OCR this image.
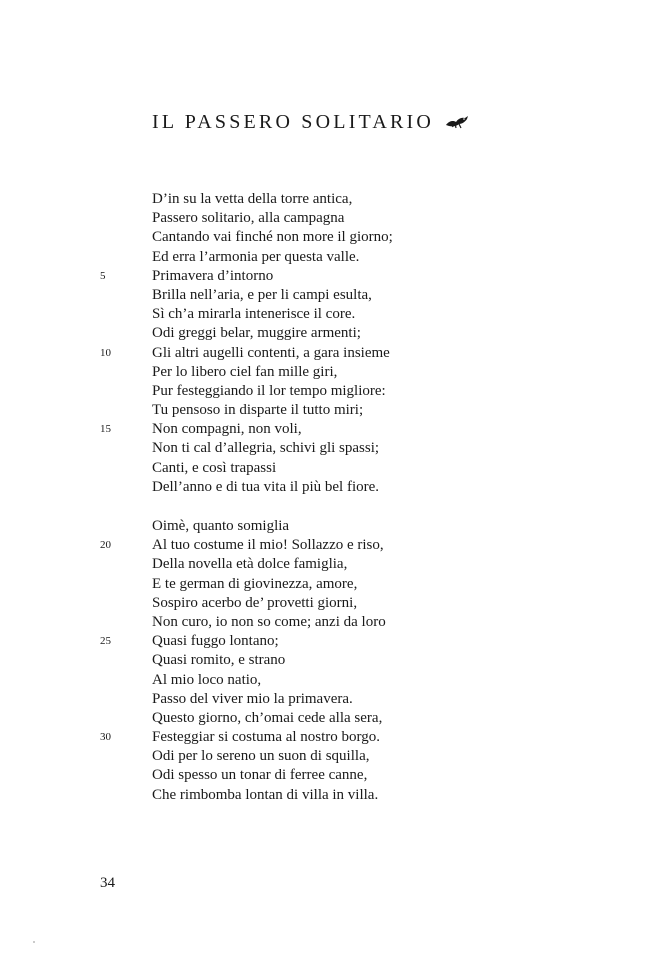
IL PASSERO SOLITARIO
D’in su la vetta della torre antica,
Passero solitario, alla campagna
Cantando vai finché non more il giorno;
Ed erra l’armonia per questa valle.
5	Primavera d’intorno
Brilla nell’aria, e per li campi esulta,
Sì ch’a mirarla intenerisce il core.
Odi greggi belar, muggire armenti;
10	Gli altri augelli contenti, a gara insieme
Per lo libero ciel fan mille giri,
Pur festeggiando il lor tempo migliore:
Tu pensoso in disparte il tutto miri;
15	Non compagni, non voli,
Non ti cal d’allegria, schivi gli spassi;
Canti, e così trapassi
Dell’anno e di tua vita il più bel fiore.
Oimè, quanto somiglia
20	Al tuo costume il mio! Sollazzo e riso,
Della novella età dolce famiglia,
E te german di giovinezza, amore,
Sospiro acerbo de’ provetti giorni,
Non curo, io non so come; anzi da loro
25	Quasi fuggo lontano;
Quasi romito, e strano
Al mio loco natio,
Passo del viver mio la primavera.
Questo giorno, ch’omai cede alla sera,
30	Festeggiar si costuma al nostro borgo.
Odi per lo sereno un suon di squilla,
Odi spesso un tonar di ferree canne,
Che rimbomba lontan di villa in villa.
34
